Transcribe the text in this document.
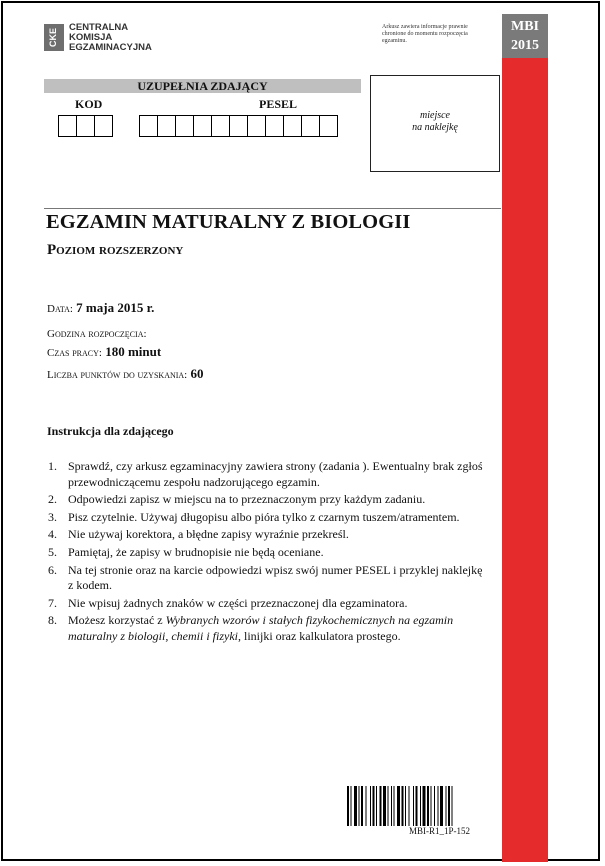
MBI
2015
CKE
CENTRALNA
KOMISJA
EGZAMINACYJNA
Arkusz zawiera informacje prawnie chronione do momentu rozpoczęcia egzaminu.
UZUPEŁNIA ZDAJĄCY
KOD	PESEL
miejsce
na naklejkę
EGZAMIN MATURALNY Z BIOLOGII
Poziom rozszerzony
Data: 7 maja 2015 r.
Godzina rozpoczęcia:
Czas pracy: 180 minut
Liczba punktów do uzyskania: 60
Instrukcja dla zdającego
1. Sprawdź, czy arkusz egzaminacyjny zawiera strony (zadania ). Ewentualny brak zgłoś przewodniczącemu zespołu nadzorującego egzamin.
2. Odpowiedzi zapisz w miejscu na to przeznaczonym przy każdym zadaniu.
3. Pisz czytelnie. Używaj długopisu albo pióra tylko z czarnym tuszem/atramentem.
4. Nie używaj korektora, a błędne zapisy wyraźnie przekreśl.
5. Pamiętaj, że zapisy w brudnopisie nie będą oceniane.
6. Na tej stronie oraz na karcie odpowiedzi wpisz swój numer PESEL i przyklej naklejkę z kodem.
7. Nie wpisuj żadnych znaków w części przeznaczonej dla egzaminatora.
8. Możesz korzystać z Wybranych wzorów i stałych fizykochemicznych na egzamin maturalny z biologii, chemii i fizyki, linijki oraz kalkulatora prostego.
MBI-R1_1P-152
